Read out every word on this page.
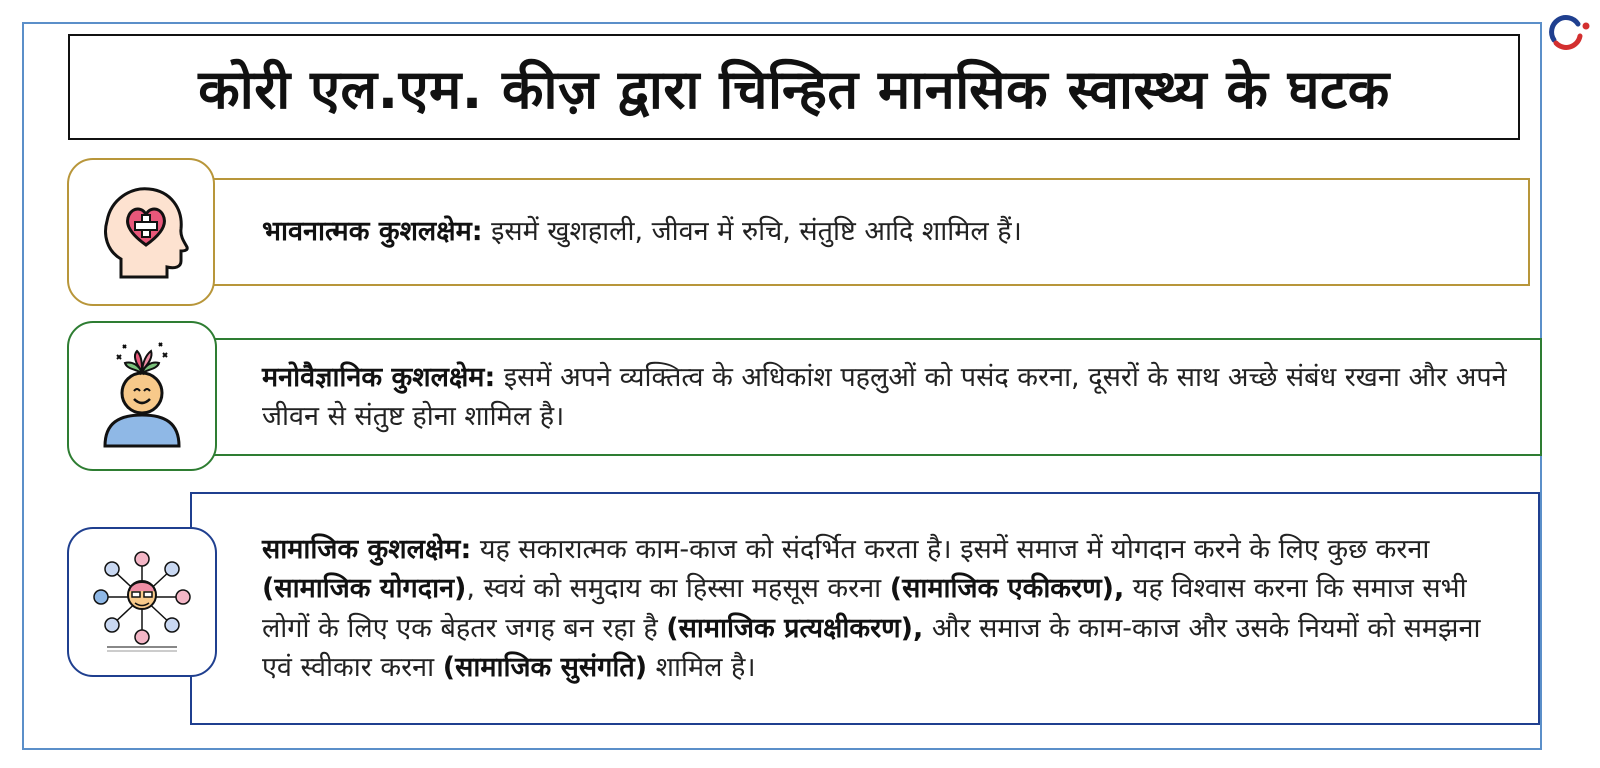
कोरी एल.एम. कीज़ द्वारा चिन्हित मानसिक स्वास्थ्य के घटक

भावनात्मक कुशलक्षेम: इसमें खुशहाली, जीवन में रुचि, संतुष्टि आदि शामिल हैं।

मनोवैज्ञानिक कुशलक्षेम: इसमें अपने व्यक्तित्व के अधिकांश पहलुओं को पसंद करना, दूसरों के साथ अच्छे संबंध रखना और अपने जीवन से संतुष्ट होना शामिल है।

सामाजिक कुशलक्षेम: यह सकारात्मक काम-काज को संदर्भित करता है। इसमें समाज में योगदान करने के लिए कुछ करना (सामाजिक योगदान), स्वयं को समुदाय का हिस्सा महसूस करना (सामाजिक एकीकरण), यह विश्वास करना कि समाज सभी लोगों के लिए एक बेहतर जगह बन रहा है (सामाजिक प्रत्यक्षीकरण), और समाज के काम-काज और उसके नियमों को समझना एवं स्वीकार करना (सामाजिक सुसंगति) शामिल है।
